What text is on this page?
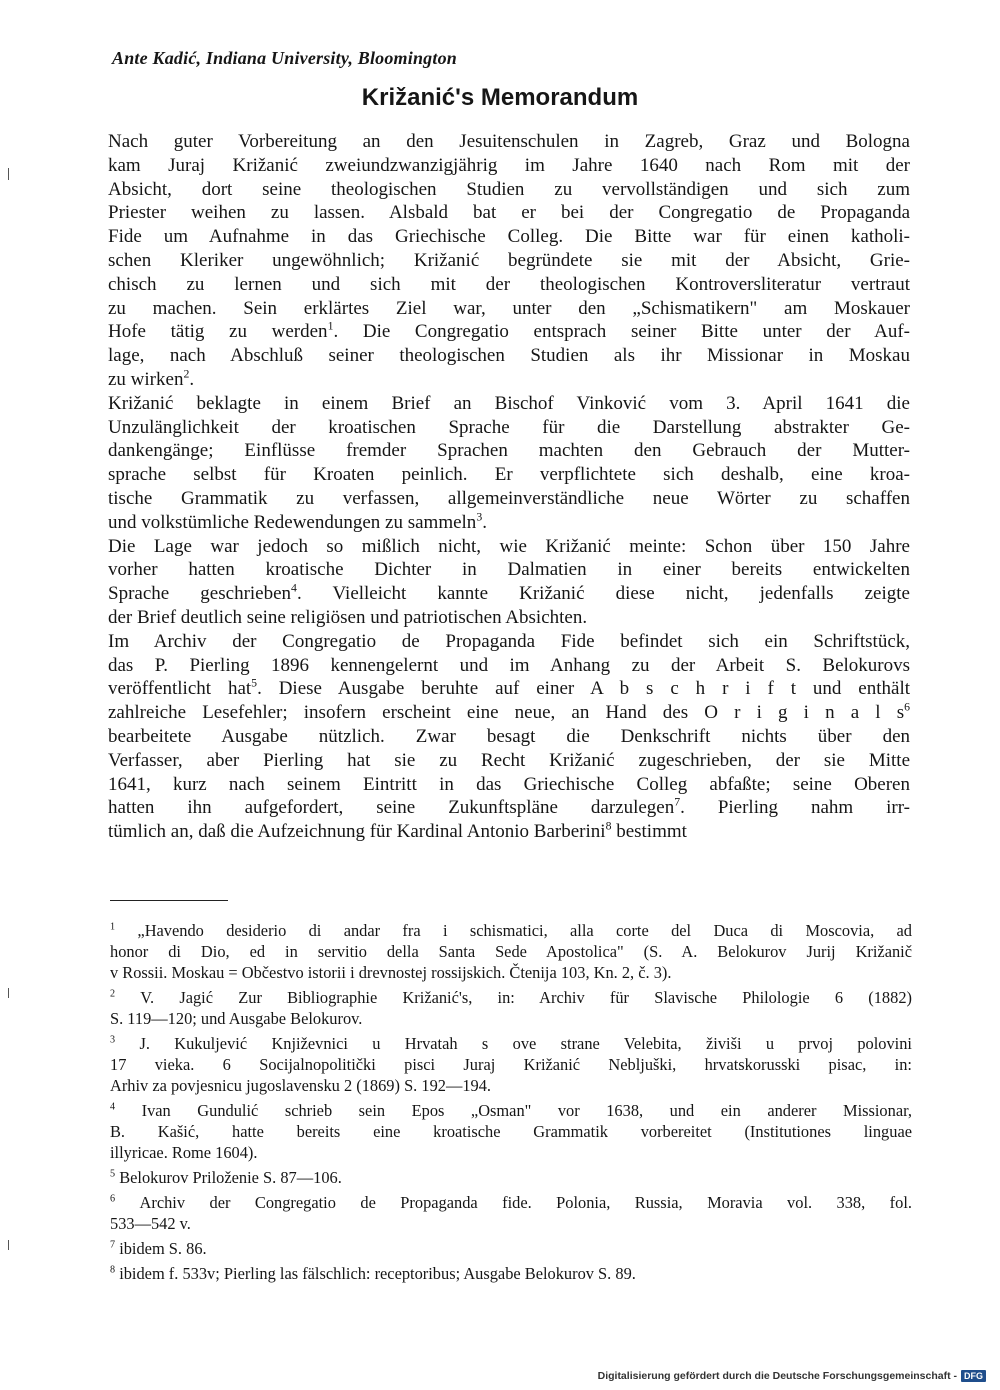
Ante Kadić, Indiana University, Bloomington
Križanić's Memorandum
Nach guter Vorbereitung an den Jesuitenschulen in Zagreb, Graz und Bologna
kam Juraj Križanić zweiundzwanzigjährig im Jahre 1640 nach Rom mit der
Absicht, dort seine theologischen Studien zu vervollständigen und sich zum
Priester weihen zu lassen. Alsbald bat er bei der Congregatio de Propaganda
Fide um Aufnahme in das Griechische Colleg. Die Bitte war für einen katholi-
schen Kleriker ungewöhnlich; Križanić begründete sie mit der Absicht, Grie-
chisch zu lernen und sich mit der theologischen Kontroversliteratur vertraut
zu machen. Sein erklärtes Ziel war, unter den „Schismatikern" am Moskauer
Hofe tätig zu werden$^1$. Die Congregatio entsprach seiner Bitte unter der Auf-
lage, nach Abschluß seiner theologischen Studien als ihr Missionar in Moskau
zu wirken$^2$.
Križanić beklagte in einem Brief an Bischof Vinković vom 3. April 1641 die
Unzulänglichkeit der kroatischen Sprache für die Darstellung abstrakter Ge-
dankengänge; Einflüsse fremder Sprachen machten den Gebrauch der Mutter-
sprache selbst für Kroaten peinlich. Er verpflichtete sich deshalb, eine kroa-
tische Grammatik zu verfassen, allgemeinverständliche neue Wörter zu schaffen
und volkstümliche Redewendungen zu sammeln$^3$.
Die Lage war jedoch so mißlich nicht, wie Križanić meinte: Schon über 150 Jahre
vorher hatten kroatische Dichter in Dalmatien in einer bereits entwickelten
Sprache geschrieben$^4$. Vielleicht kannte Križanić diese nicht, jedenfalls zeigte
der Brief deutlich seine religiösen und patriotischen Absichten.
Im Archiv der Congregatio de Propaganda Fide befindet sich ein Schriftstück,
das P. Pierling 1896 kennengelernt und im Anhang zu der Arbeit S. Belokurovs
veröffentlicht hat$^5$. Diese Ausgabe beruhte auf einer A b s c h r i f t und enthält
zahlreiche Lesefehler; insofern erscheint eine neue, an Hand des O r i g i n a l $s^6$
bearbeitete Ausgabe nützlich. Zwar besagt die Denkschrift nichts über den
Verfasser, aber Pierling hat sie zu Recht Križanić zugeschrieben, der sie Mitte
1641, kurz nach seinem Eintritt in das Griechische Colleg abfaßte; seine Oberen
hatten ihn aufgefordert, seine Zukunftspläne darzulegen$^7$. Pierling nahm irr-
tümlich an, daß die Aufzeichnung für Kardinal Antonio Barberini$^8$ bestimmt
$^1$ „Havendo desiderio di andar fra i schismatici, alla corte del Duca di Moscovia, ad
honor di Dio, ed in servitio della Santa Sede Apostolica" (S. A. Belokurov Jurij Križanič
v Rossii. Moskau = Občestvo istorii i drevnostej rossijskich. Čtenija 103, Kn. 2, č. 3).
$^2$ V. Jagić Zur Bibliographie Križanić's, in: Archiv für Slavische Philologie 6 (1882)
S. 119—120; und Ausgabe Belokurov.
$^3$ J. Kukuljević Književnici u Hrvatah s ove strane Velebita, živiši u prvoj polovini
17 vieka. 6 Socijalnopolitički pisci Juraj Križanić Nebljuški, hrvatskorusski pisac, in:
Arhiv za povjesnicu jugoslavensku 2 (1869) S. 192—194.
$^4$ Ivan Gundulić schrieb sein Epos „Osman" vor 1638, und ein anderer Missionar,
B. Kašić, hatte bereits eine kroatische Grammatik vorbereitet (Institutiones linguae
illyricae. Rome 1604).
$^5$ Belokurov Priloženie S. 87—106.
$^6$ Archiv der Congregatio de Propaganda fide. Polonia, Russia, Moravia vol. 338, fol.
533—542 v.
$^7$ ibidem S. 86.
$^8$ ibidem f. 533v; Pierling las fälschlich: receptoribus; Ausgabe Belokurov S. 89.
Digitalisierung gefördert durch die Deutsche Forschungsgemeinschaft - DFG
